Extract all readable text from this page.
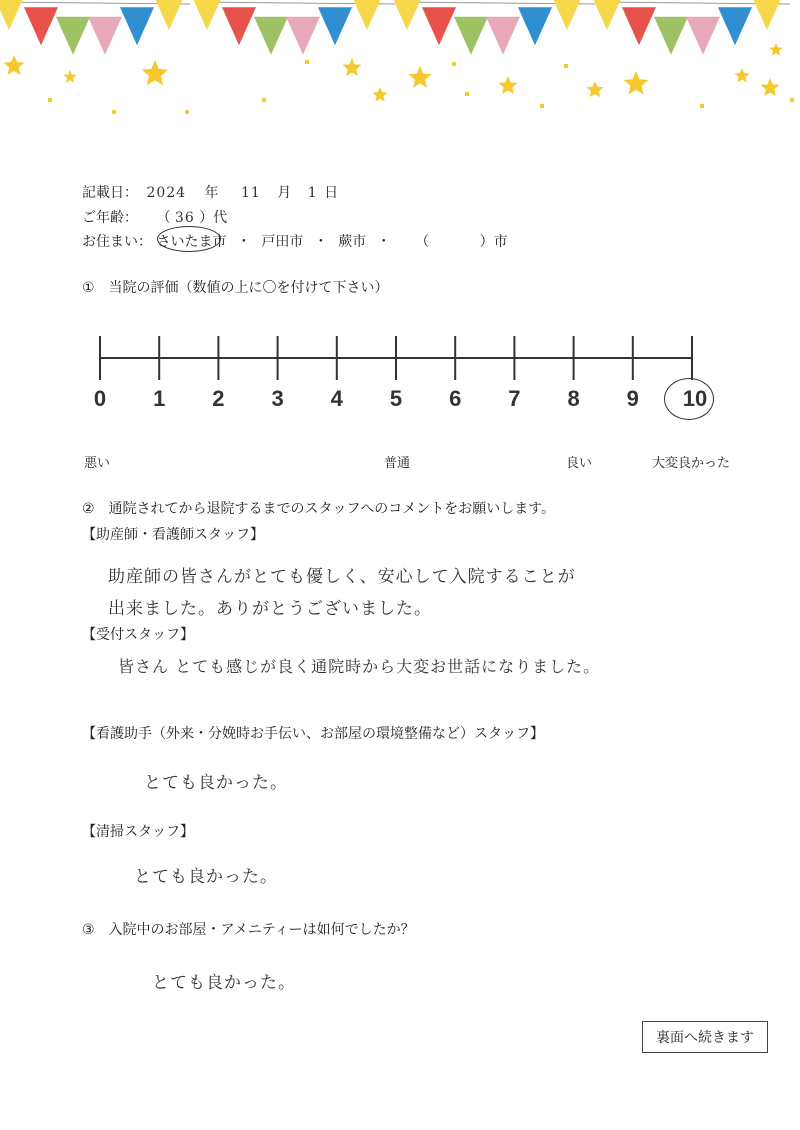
記載日： 2024 年 11 月 1 日
ご年齢： （ 36 ）代
お住まい： さいたま市 ・ 戸田市 ・ 蕨市 ・ （	）市
①　当院の評価（数値の上に〇を付けて下さい）
0	1	2	3	4	5	6	7	8	9	10
悪い	普通	良い	大変良かった
②　通院されてから退院するまでのスタッフへのコメントをお願いします。
【助産師・看護師スタッフ】
助産師の皆さんがとても優しく、安心して入院することが
出来ました。ありがとうございました。
【受付スタッフ】
皆さん とても感じが良く通院時から大変お世話になりました。
【看護助手（外来・分娩時お手伝い、お部屋の環境整備など）スタッフ】
とても良かった。
【清掃スタッフ】
とても良かった。
③　入院中のお部屋・アメニティーは如何でしたか？
とても良かった。
裏面へ続きます
